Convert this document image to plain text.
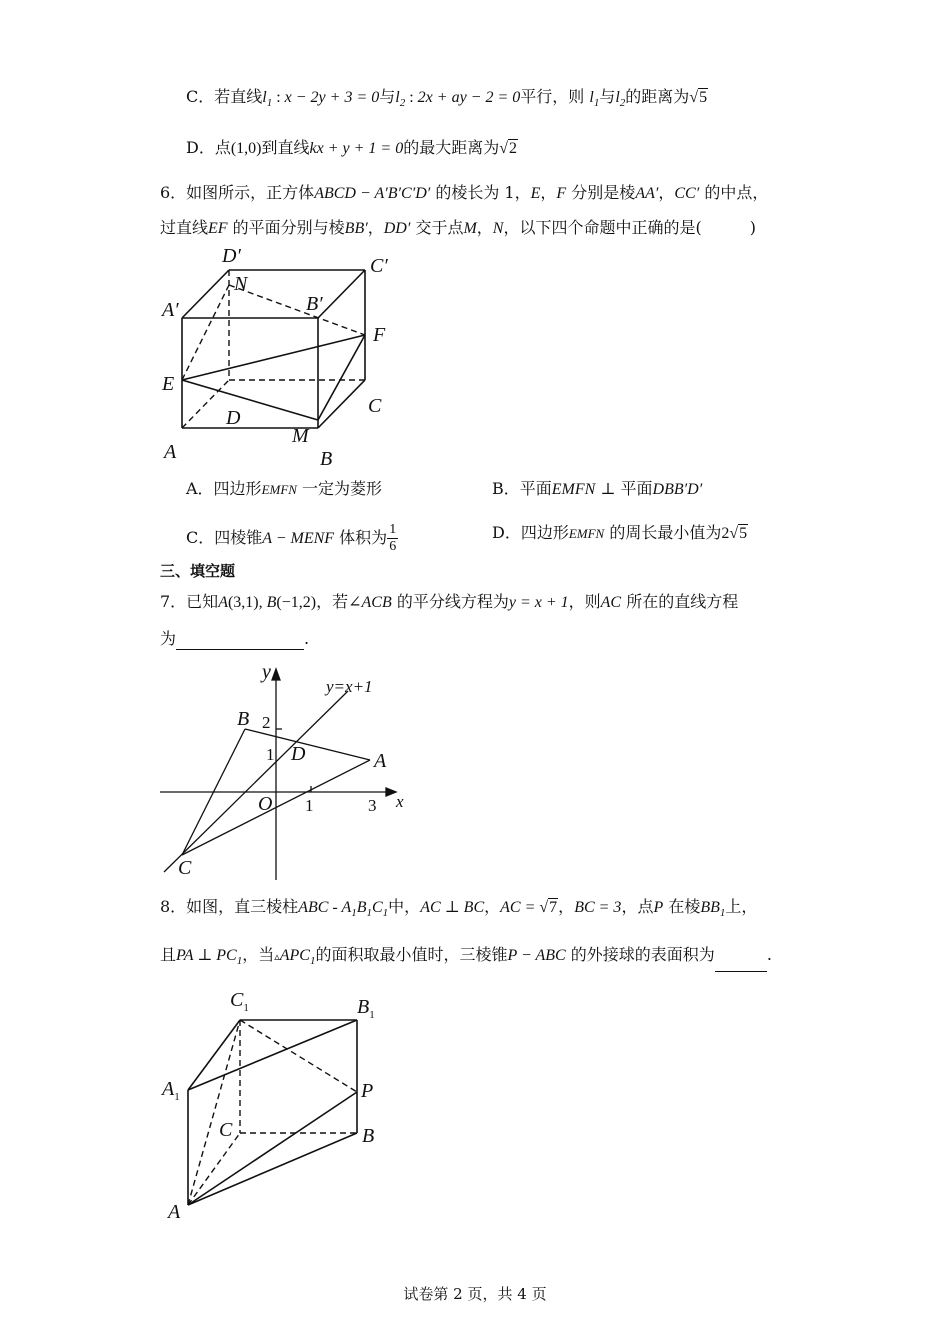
C．若直线$l_1$ : x − 2y + 3 = 0与$l_2$ : 2x + ay − 2 = 0平行，则 $l_1$与$l_2$的距离为√5
D．点(1,0)到直线kx + y + 1 = 0的最大距离为√2
6．如图所示，正方体ABCD − A′B′C′D′ 的棱长为 1，E，F 分别是棱AA′，CC′ 的中点，
过直线EF 的平面分别与棱BB′，DD′ 交于点M，N，以下四个命题中正确的是(　　　)
D′	C′
N
A′	B′
F
E
D
C
M
A	B
A．四边形EMFN 一定为菱形	B．平面EMFN ⊥ 平面DBB′D′
C．四棱锥A − MENF 体积为 $\frac{1}{6}$	D．四边形EMFN 的周长最小值为2√5
三、填空题
7．已知A(3,1), B(−1,2)，若∠ACB 的平分线方程为y = x + 1，则AC 所在的直线方程
为	.
y
y=x+1
B 2
1 D	A
O 1	3 x
C
8．如图，直三棱柱ABC - $A_1B_1C_1$中，AC ⊥ BC，AC = √7，BC = 3，点P 在棱$BB_1$上，
且PA ⊥ $PC_1$，当$▵APC_1$的面积取最小值时，三棱锥P − ABC 的外接球的表面积为	.
$C_1$	$B_1$
$A_1$	P
C	B
A
试卷第 2 页，共 4 页
